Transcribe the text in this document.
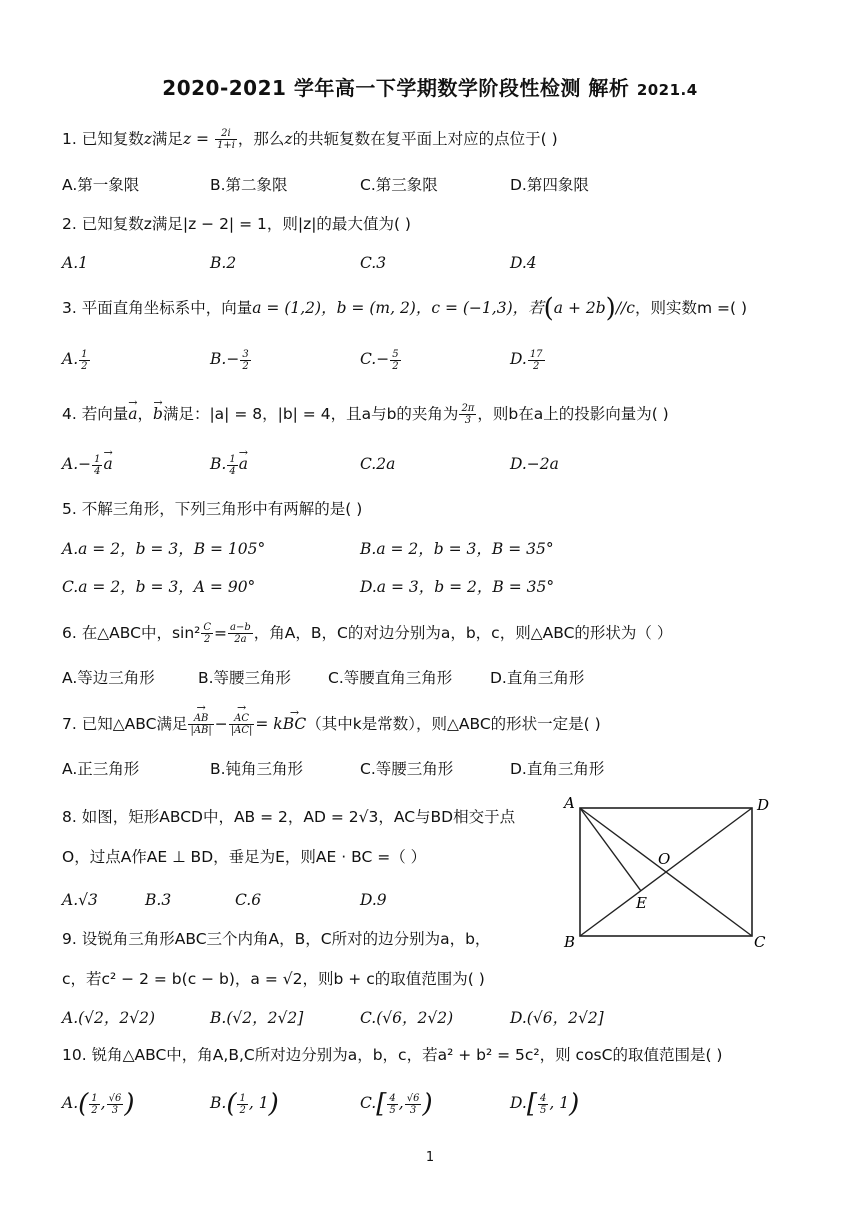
2020-2021 学年高一下学期数学阶段性检测 解析 2021.4
1. 已知复数z满足$z = \frac{2i}{1+i}$ ，那么z的共轭复数在复平面上对应的点位于( )
A.第一象限	B.第二象限	C.第三象限	D.第四象限
2. 已知复数z满足|z − 2| = 1，则|z|的最大值为( )
A.1	B.2	C.3	D.4
3. 平面直角坐标系中，向量a = (1,2)，b = (m, 2)，c = (−1,3)，若(a + 2b)//c，则实数m =( )
A. $\frac{1}{2}$	$B.- \frac{3}{2}$	$C.- \frac{5}{2}$	D. $\frac{17}{2}$
4. 若向量→ a，→ b满足：|a| = 8，|b| = 4，且a与b的夹角为 $\frac{2\pi}{3}$ ，则b在a上的投影向量为( )
$A.- \frac{1}{4}$
→ a	B. $\frac{1}{4}$
→ a	C.2a	D.−2a
5. 不解三角形，下列三角形中有两解的是( )
A.a = 2，b = 3，B = 105°	B.a = 2，b = 3，B = 35°
C.a = 2，b = 3，A = 90°	D.a = 3，b = 2，B = 35°
6. 在△ABC中，$\sin^2 \frac{C}{2} = \frac{a-b}{2a}$ ，角A，B，C的对边分别为a，b，c，则△ABC的形状为（ ）
A.等边三角形	B.等腰三角形 C.等腰直角三角形 D.直角三角形
7. 已知△ABC满足
→ $\frac{AB}{|AB|}$ −
→ $\frac{AC}{|AC|} = k\to BC$（其中k是常数），则△ABC的形状一定是( )
A.正三角形	B.钝角三角形	C.等腰三角形	D.直角三角形
8. 如图，矩形ABCD中，AB = 2，AD = 2√3，AC与BD相交于点
O，过点A作AE ⊥ BD，垂足为E，则AE · BC =（ ）
A.√3	B.3	C.6	D.9
A	D
B	C
O
E
9. 设锐角三角形ABC三个内角A，B，C所对的边分别为a，b，
c，若c² − 2 = b(c − b)，a = √2，则b + c的取值范围为( )
A.(√2，2√2)	B.(√2，2√2]	C.(√6，2√2)	D.(√6，2√2]
10. 锐角△ABC中，角A,B,C所对边分别为a，b，c，若a² + b² = 5c²，则 cosC的取值范围是( )
$A.( \frac{1}{2}$ , $\frac{√6}{3}$ )	$B.( \frac{1}{2}$ , 1)	$C.[ \frac{4}{5}$ , $\frac{√6}{3}$ )	$D.[ \frac{4}{5}$ , 1)
1
